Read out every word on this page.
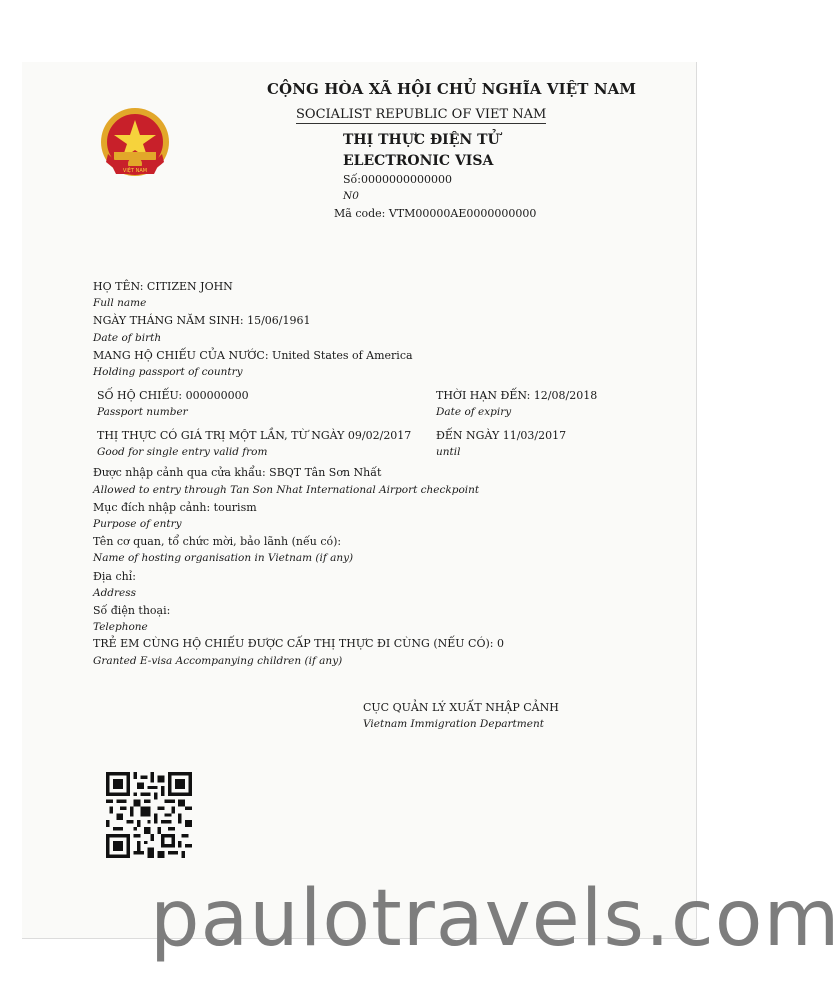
VIỆT NAM
CỘNG HÒA XÃ HỘI CHỦ NGHĨA VIỆT NAM
SOCIALIST REPUBLIC OF VIET NAM
THỊ THỰC ĐIỆN TỬ
ELECTRONIC VISA
Số:0000000000000
N0
Mã code: VTM00000AE0000000000
HỌ TÊN: CITIZEN JOHN
Full name
NGÀY THÁNG NĂM SINH: 15/06/1961
Date of birth
MANG HỘ CHIẾU CỦA NƯỚC: United States of America
Holding passport of country
SỐ HỘ CHIẾU: 000000000
Passport number
THỜI HẠN ĐẾN: 12/08/2018
Date of expiry
THỊ THỰC CÓ GIÁ TRỊ MỘT LẦN, TỪ NGÀY 09/02/2017
Good for single entry valid from
ĐẾN NGÀY 11/03/2017
until
Được nhập cảnh qua cửa khẩu: SBQT Tân Sơn Nhất
Allowed to entry through Tan Son Nhat International Airport checkpoint
Mục đích nhập cảnh: tourism
Purpose of entry
Tên cơ quan, tổ chức mời, bảo lãnh (nếu có):
Name of hosting organisation in Vietnam (if any)
Địa chỉ:
Address
Số điện thoại:
Telephone
TRẺ EM CÙNG HỘ CHIẾU ĐƯỢC CẤP THỊ THỰC ĐI CÙNG (NẾU CÓ): 0
Granted E-visa Accompanying children (if any)
CỤC QUẢN LÝ XUẤT NHẬP CẢNH
Vietnam Immigration Department
paulotravels.com
